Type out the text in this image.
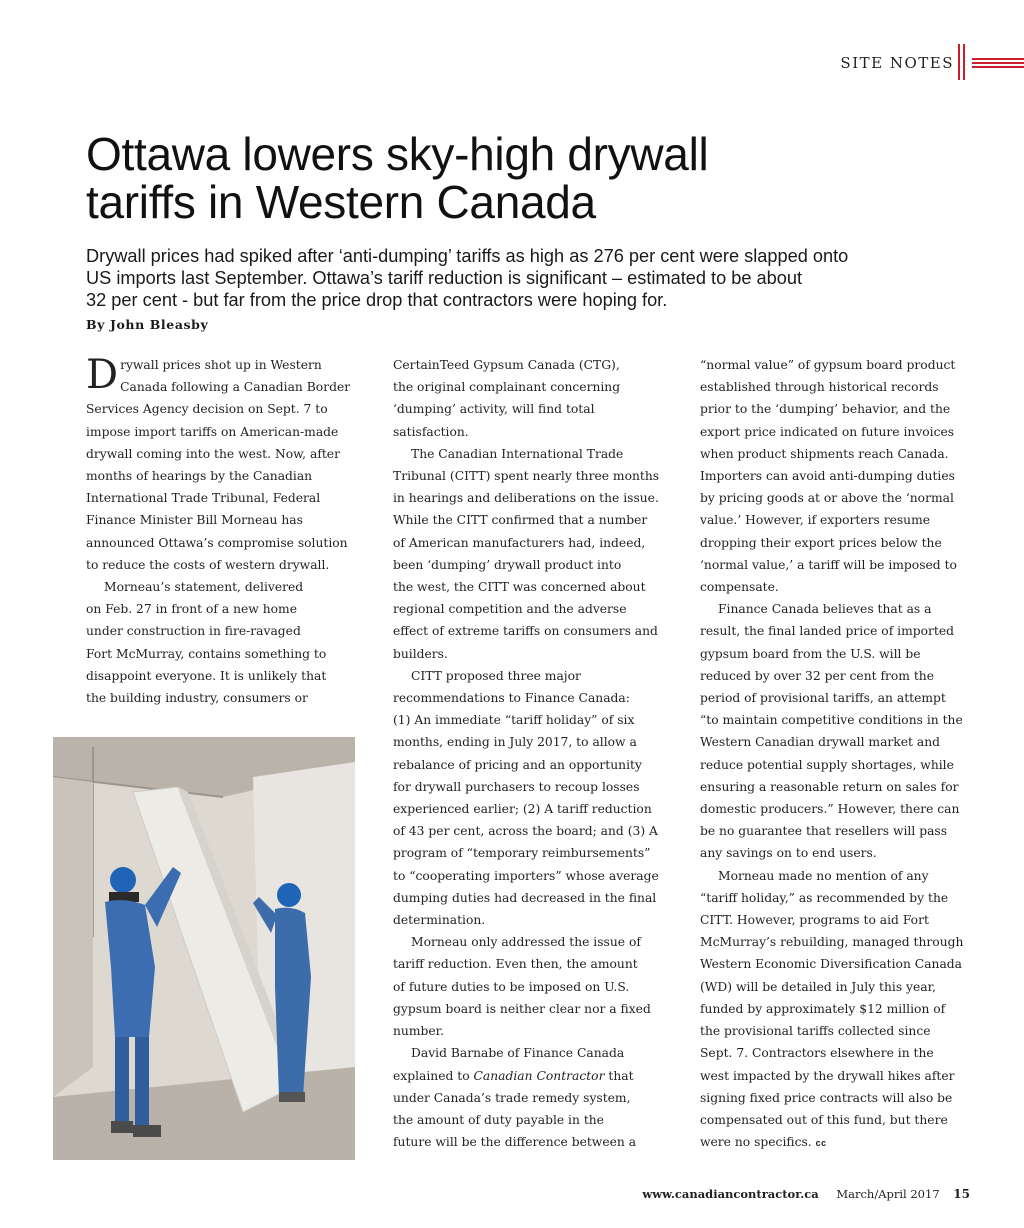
SITE NOTES
Ottawa lowers sky-high drywall
tariffs in Western Canada
Drywall prices had spiked after ‘anti-dumping’ tariffs as high as 276 per cent were slapped onto
US imports last September. Ottawa’s tariff reduction is significant – estimated to be about
32 per cent - but far from the price drop that contractors were hoping for.
By John Bleasby
D rywall prices shot up in Western

Canada following a Canadian Border

Services Agency decision on Sept. 7 to

impose import tariffs on American-made

drywall coming into the west. Now, after

months of hearings by the Canadian

International Trade Tribunal, Federal

Finance Minister Bill Morneau has

announced Ottawa’s compromise solution

to reduce the costs of western drywall.

Morneau’s statement, delivered

on Feb. 27 in front of a new home

under construction in fire-ravaged

Fort McMurray, contains something to

disappoint everyone. It is unlikely that

the building industry, consumers or

CertainTeed Gypsum Canada (CTG),

the original complainant concerning

‘dumping’ activity, will find total

satisfaction.

The Canadian International Trade

Tribunal (CITT) spent nearly three months

in hearings and deliberations on the issue.

While the CITT confirmed that a number

of American manufacturers had, indeed,

been ‘dumping’ drywall product into

the west, the CITT was concerned about

regional competition and the adverse

effect of extreme tariffs on consumers and

builders.

CITT proposed three major

recommendations to Finance Canada:

(1) An immediate “tariff holiday” of six

months, ending in July 2017, to allow a

rebalance of pricing and an opportunity

for drywall purchasers to recoup losses

experienced earlier; (2) A tariff reduction

of 43 per cent, across the board; and (3) A

program of “temporary reimbursements”

to “cooperating importers” whose average

dumping duties had decreased in the final

determination.

Morneau only addressed the issue of

tariff reduction. Even then, the amount

of future duties to be imposed on U.S.

gypsum board is neither clear nor a fixed

number.

David Barnabe of Finance Canada

explained to Canadian Contractor that

under Canada’s trade remedy system,

the amount of duty payable in the

future will be the difference between a

“normal value” of gypsum board product

established through historical records

prior to the ‘dumping’ behavior, and the

export price indicated on future invoices

when product shipments reach Canada.

Importers can avoid anti-dumping duties

by pricing goods at or above the ‘normal

value.’ However, if exporters resume

dropping their export prices below the

‘normal value,’ a tariff will be imposed to

compensate.

Finance Canada believes that as a

result, the final landed price of imported

gypsum board from the U.S. will be

reduced by over 32 per cent from the

period of provisional tariffs, an attempt

“to maintain competitive conditions in the

Western Canadian drywall market and

reduce potential supply shortages, while

ensuring a reasonable return on sales for

domestic producers.” However, there can

be no guarantee that resellers will pass

any savings on to end users.

Morneau made no mention of any

“tariff holiday,” as recommended by the

CITT. However, programs to aid Fort

McMurray’s rebuilding, managed through

Western Economic Diversification Canada

(WD) will be detailed in July this year,

funded by approximately $12 million of

the provisional tariffs collected since

Sept. 7. Contractors elsewhere in the

west impacted by the drywall hikes after

signing fixed price contracts will also be

compensated out of this fund, but there

were no specifics. cc

www.canadiancontractor.ca March/April 2017 15
